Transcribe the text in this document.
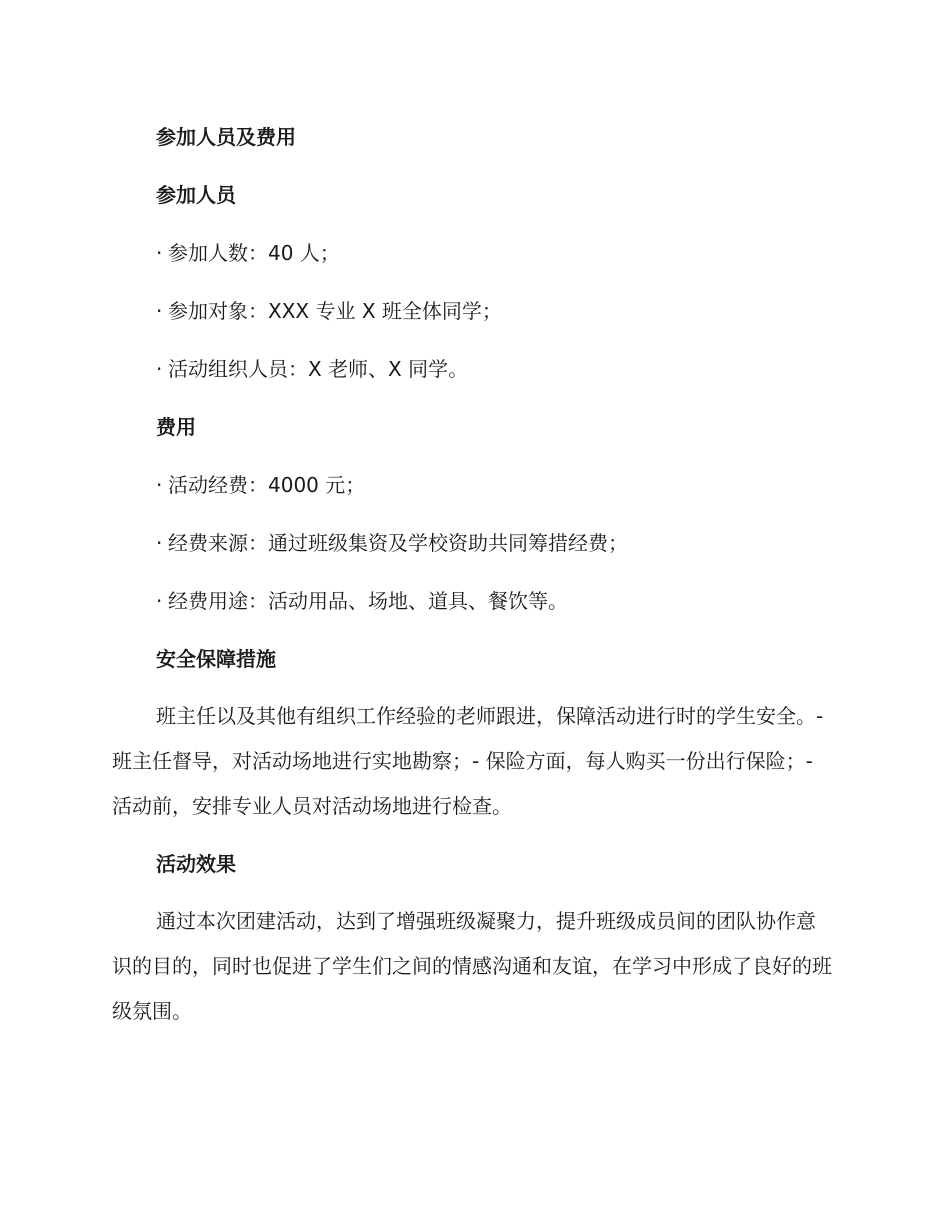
参加人员及费用

参加人员

· 参加人数：40 人；

· 参加对象：XXX 专业 X 班全体同学；

· 活动组织人员：X 老师、X 同学。

费用

· 活动经费：4000 元；

· 经费来源：通过班级集资及学校资助共同筹措经费；

· 经费用途：活动用品、场地、道具、餐饮等。

安全保障措施

班主任以及其他有组织工作经验的老师跟进，保障活动进行时的学生安全。- 班主任督导，对活动场地进行实地勘察；- 保险方面，每人购买一份出行保险；- 活动前，安排专业人员对活动场地进行检查。

活动效果

通过本次团建活动，达到了增强班级凝聚力，提升班级成员间的团队协作意识的目的，同时也促进了学生们之间的情感沟通和友谊，在学习中形成了良好的班级氛围。
